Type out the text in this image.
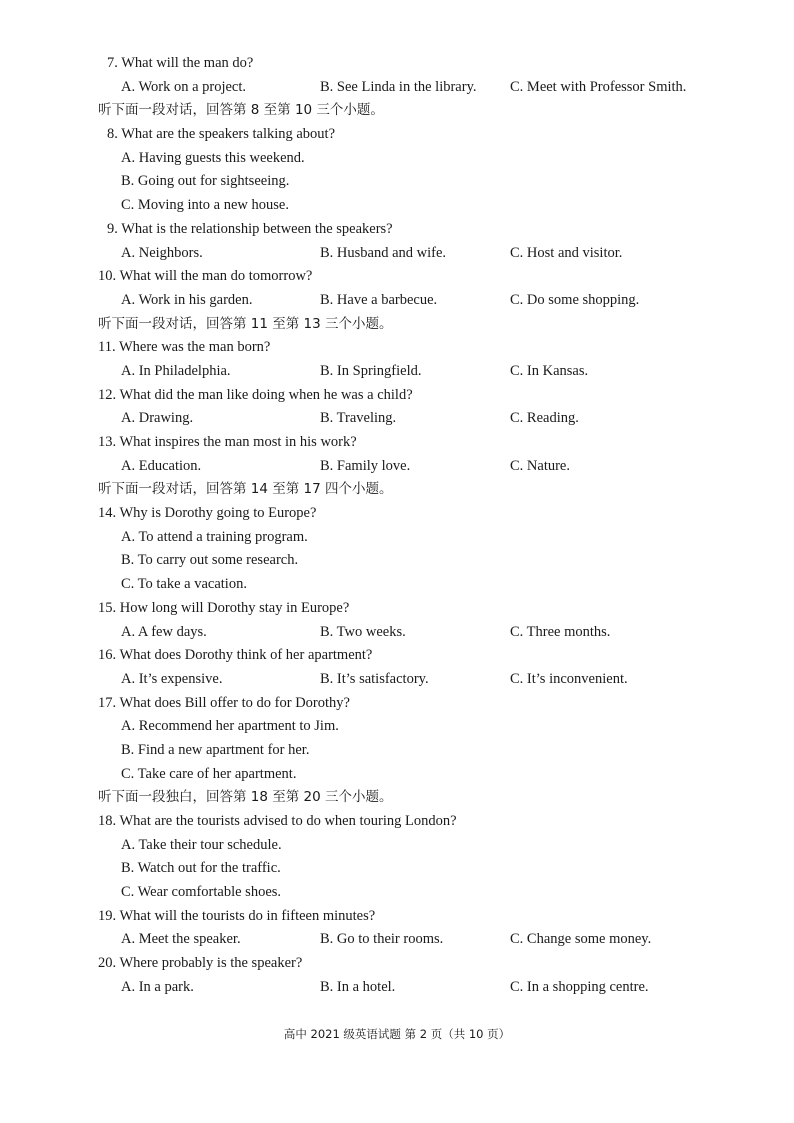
7. What will the man do?
A. Work on a project.	B. See Linda in the library. C. Meet with Professor Smith.
听下面一段对话，回答第 8 至第 10 三个小题。
8. What are the speakers talking about?
A. Having guests this weekend.
B. Going out for sightseeing.
C. Moving into a new house.
9. What is the relationship between the speakers?
A. Neighbors.	B. Husband and wife.	C. Host and visitor.
10. What will the man do tomorrow?
A. Work in his garden.	B. Have a barbecue.	C. Do some shopping.
听下面一段对话，回答第 11 至第 13 三个小题。
11. Where was the man born?
A. In Philadelphia.	B. In Springfield.	C. In Kansas.
12. What did the man like doing when he was a child?
A. Drawing.	B. Traveling.	C. Reading.
13. What inspires the man most in his work?
A. Education.	B. Family love.	C. Nature.
听下面一段对话，回答第 14 至第 17 四个小题。
14. Why is Dorothy going to Europe?
A. To attend a training program.
B. To carry out some research.
C. To take a vacation.
15. How long will Dorothy stay in Europe?
A. A few days.	B. Two weeks.	C. Three months.
16. What does Dorothy think of her apartment?
A. It’s expensive.	B. It’s satisfactory.	C. It’s inconvenient.
17. What does Bill offer to do for Dorothy?
A. Recommend her apartment to Jim.
B. Find a new apartment for her.
C. Take care of her apartment.
听下面一段独白，回答第 18 至第 20 三个小题。
18. What are the tourists advised to do when touring London?
A. Take their tour schedule.
B. Watch out for the traffic.
C. Wear comfortable shoes.
19. What will the tourists do in fifteen minutes?
A. Meet the speaker.	B. Go to their rooms.	C. Change some money.
20. Where probably is the speaker?
A. In a park.	B. In a hotel.	C. In a shopping centre.
高中 2021 级英语试题 第 2 页（共 10 页）
